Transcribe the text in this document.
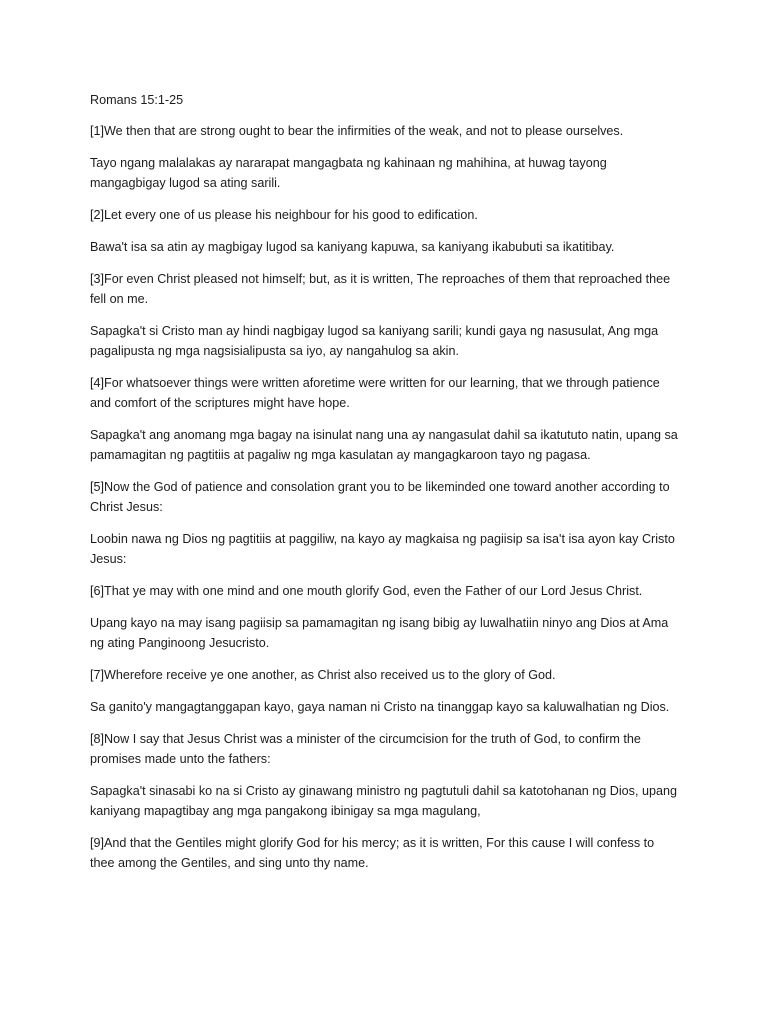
Romans 15:1-25

[1]We then that are strong ought to bear the infirmities of the weak, and not to please ourselves.

Tayo ngang malalakas ay nararapat mangagbata ng kahinaan ng mahihina, at huwag tayong mangagbigay lugod sa ating sarili.

[2]Let every one of us please his neighbour for his good to edification.

Bawa't isa sa atin ay magbigay lugod sa kaniyang kapuwa, sa kaniyang ikabubuti sa ikatitibay.

[3]For even Christ pleased not himself; but, as it is written, The reproaches of them that reproached thee fell on me.

Sapagka't si Cristo man ay hindi nagbigay lugod sa kaniyang sarili; kundi gaya ng nasusulat, Ang mga pagalipusta ng mga nagsisialipusta sa iyo, ay nangahulog sa akin.

[4]For whatsoever things were written aforetime were written for our learning, that we through patience and comfort of the scriptures might have hope.

Sapagka't ang anomang mga bagay na isinulat nang una ay nangasulat dahil sa ikatututo natin, upang sa pamamagitan ng pagtitiis at pagaliw ng mga kasulatan ay mangagkaroon tayo ng pagasa.

[5]Now the God of patience and consolation grant you to be likeminded one toward another according to Christ Jesus:

Loobin nawa ng Dios ng pagtitiis at paggiliw, na kayo ay magkaisa ng pagiisip sa isa't isa ayon kay Cristo Jesus:

[6]That ye may with one mind and one mouth glorify God, even the Father of our Lord Jesus Christ.

Upang kayo na may isang pagiisip sa pamamagitan ng isang bibig ay luwalhatiin ninyo ang Dios at Ama ng ating Panginoong Jesucristo.

[7]Wherefore receive ye one another, as Christ also received us to the glory of God.

Sa ganito'y mangagtanggapan kayo, gaya naman ni Cristo na tinanggap kayo sa kaluwalhatian ng Dios.

[8]Now I say that Jesus Christ was a minister of the circumcision for the truth of God, to confirm the promises made unto the fathers:

Sapagka't sinasabi ko na si Cristo ay ginawang ministro ng pagtutuli dahil sa katotohanan ng Dios, upang kaniyang mapagtibay ang mga pangakong ibinigay sa mga magulang,

[9]And that the Gentiles might glorify God for his mercy; as it is written, For this cause I will confess to thee among the Gentiles, and sing unto thy name.
